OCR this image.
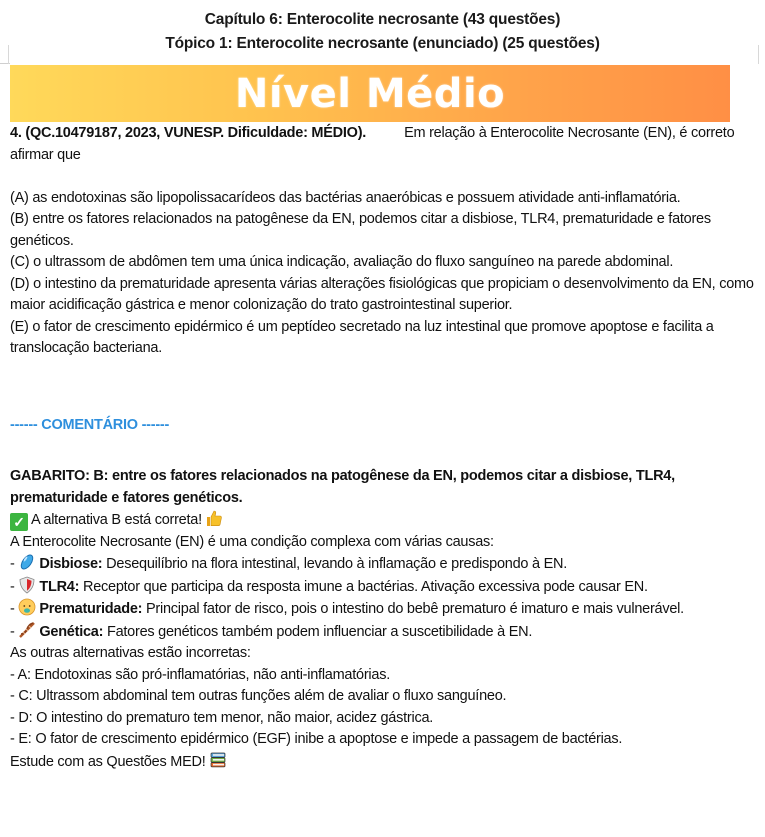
Capítulo 6: Enterocolite necrosante (43 questões)
Tópico 1: Enterocolite necrosante (enunciado) (25 questões)
Nível Médio
4. (QC.10479187, 2023, VUNESP. Dificuldade: MÉDIO).	Em relação à Enterocolite Necrosante (EN), é correto afirmar que
(A) as endotoxinas são lipopolissacarídeos das bactérias anaeróbicas e possuem atividade anti-inflamatória.
(B) entre os fatores relacionados na patogênese da EN, podemos citar a disbiose, TLR4, prematuridade e fatores genéticos.
(C) o ultrassom de abdômen tem uma única indicação, avaliação do fluxo sanguíneo na parede abdominal.
(D) o intestino da prematuridade apresenta várias alterações fisiológicas que propiciam o desenvolvimento da EN, como maior acidificação gástrica e menor colonização do trato gastrointestinal superior.
(E) o fator de crescimento epidérmico é um peptídeo secretado na luz intestinal que promove apoptose e facilita a translocação bacteriana.
------ COMENTÁRIO ------
GABARITO: B: entre os fatores relacionados na patogênese da EN, podemos citar a disbiose, TLR4, prematuridade e fatores genéticos.
✓ A alternativa B está correta!
A Enterocolite Necrosante (EN) é uma condição complexa com várias causas:
-
Disbiose: Desequilíbrio na flora intestinal, levando à inflamação e predispondo à EN.
-
TLR4: Receptor que participa da resposta imune a bactérias. Ativação excessiva pode causar EN.
-
Prematuridade: Principal fator de risco, pois o intestino do bebê prematuro é imaturo e mais vulnerável.
-
Genética: Fatores genéticos também podem influenciar a suscetibilidade à EN.
As outras alternativas estão incorretas:
- A: Endotoxinas são pró-inflamatórias, não anti-inflamatórias.
- C: Ultrassom abdominal tem outras funções além de avaliar o fluxo sanguíneo.
- D: O intestino do prematuro tem menor, não maior, acidez gástrica.
- E: O fator de crescimento epidérmico (EGF) inibe a apoptose e impede a passagem de bactérias.
Estude com as Questões MED!
